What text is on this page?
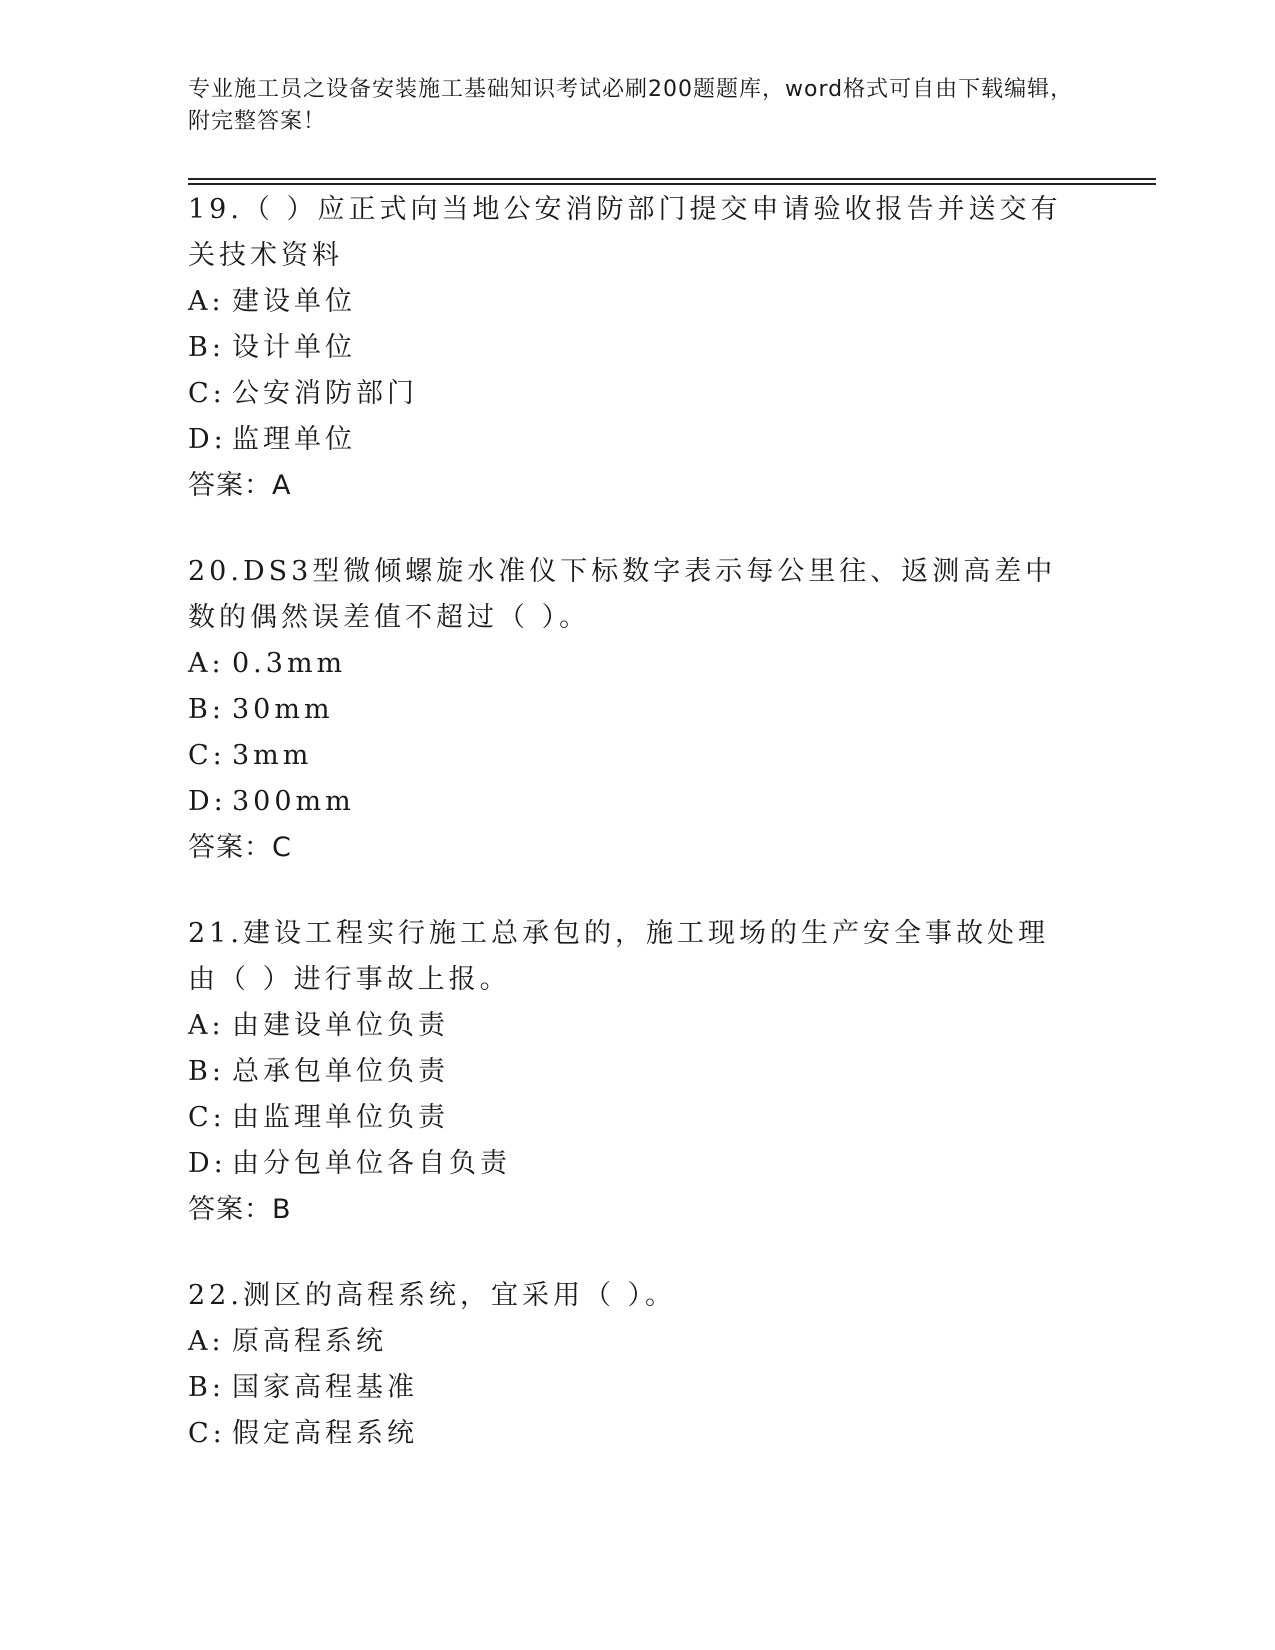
专业施工员之设备安装施工基础知识考试必刷200题题库，word格式可自由下载编辑，附完整答案！
19.（ ）应正式向当地公安消防部门提交申请验收报告并送交有关技术资料
A: 建设单位
B: 设计单位
C: 公安消防部门
D: 监理单位
答案：A
20.DS3型微倾螺旋水准仪下标数字表示每公里往、返测高差中数的偶然误差值不超过（ ）。
A: 0.3mm
B: 30mm
C: 3mm
D: 300mm
答案：C
21.建设工程实行施工总承包的，施工现场的生产安全事故处理由（ ）进行事故上报。
A: 由建设单位负责
B: 总承包单位负责
C: 由监理单位负责
D: 由分包单位各自负责
答案：B
22.测区的高程系统，宜采用（ ）。
A: 原高程系统
B: 国家高程基准
C: 假定高程系统
